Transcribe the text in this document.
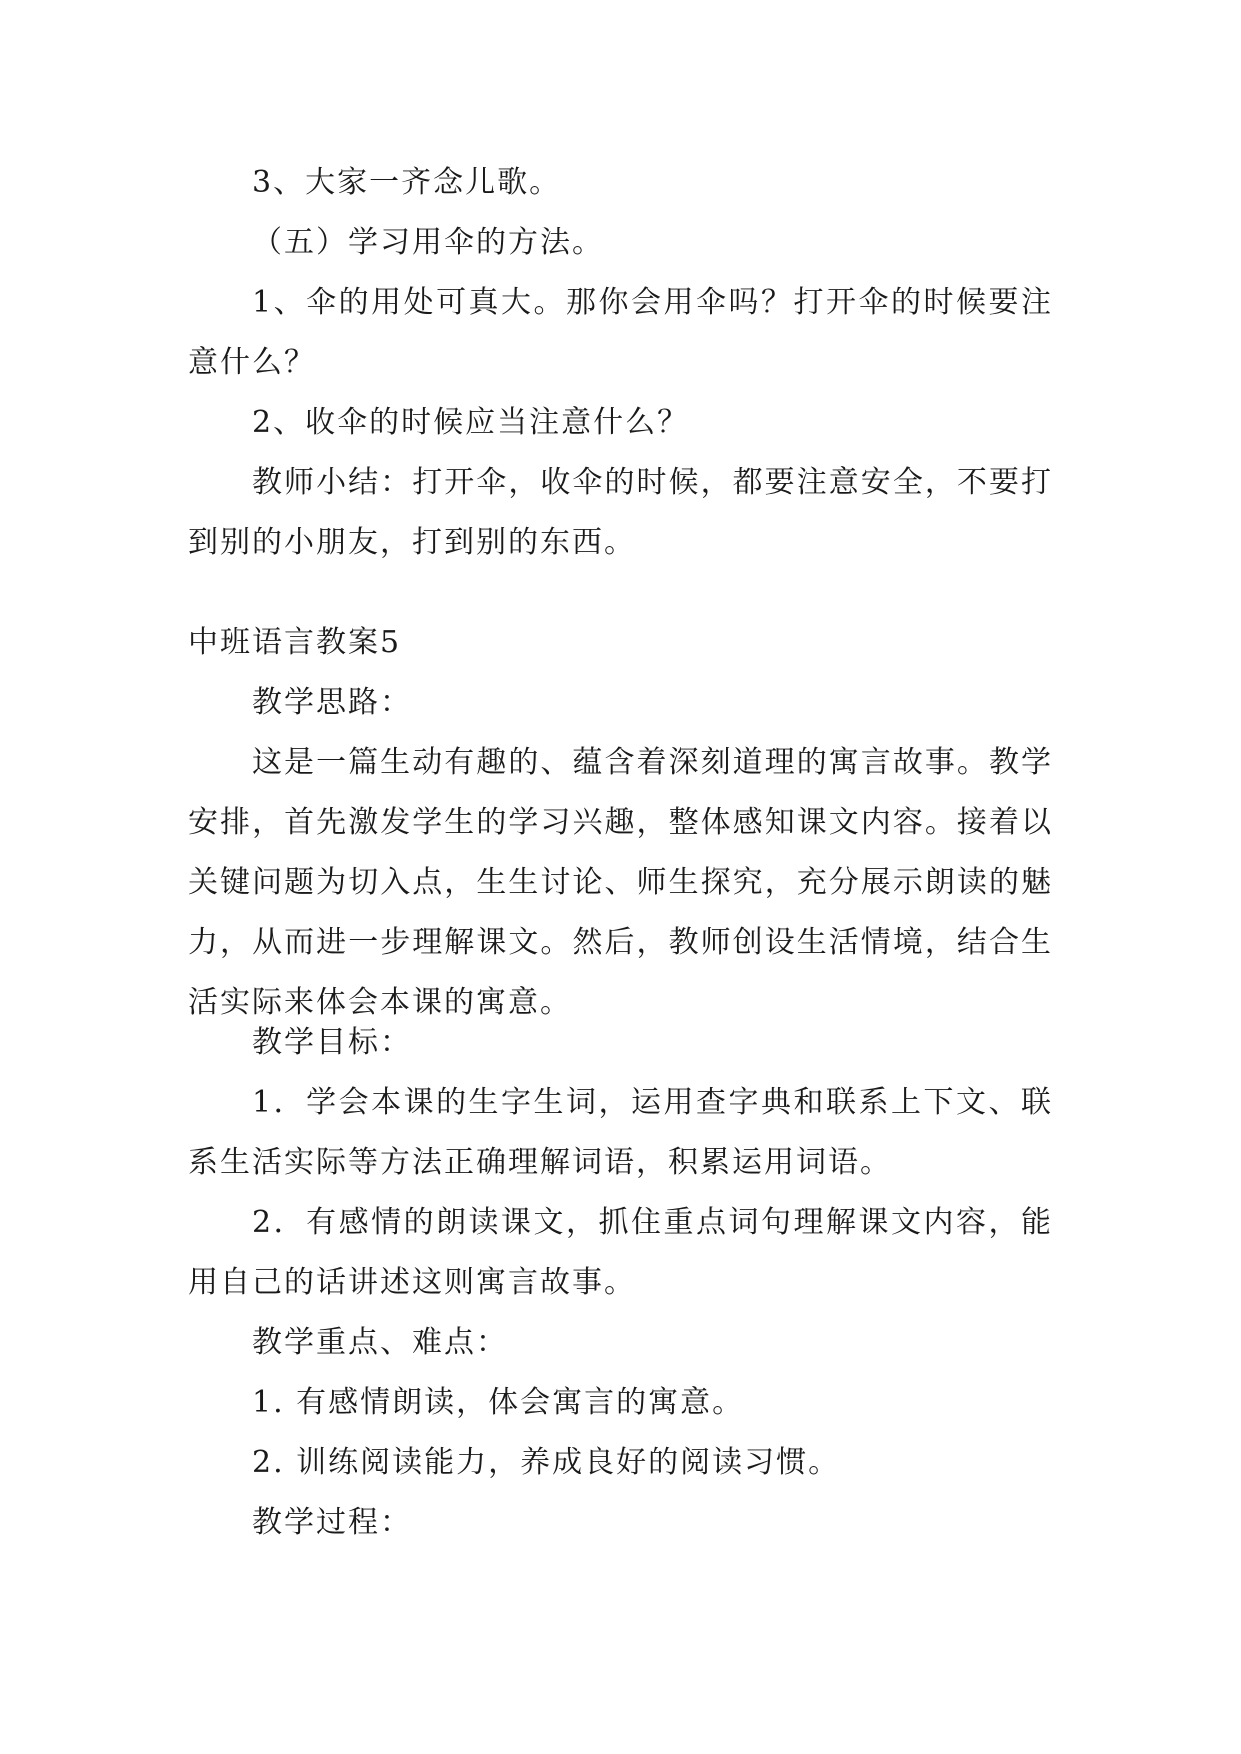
3、大家一齐念儿歌。

（五）学习用伞的方法。

1、伞的用处可真大。那你会用伞吗？打开伞的时候要注意什么？

2、收伞的时候应当注意什么？

教师小结：打开伞，收伞的时候，都要注意安全，不要打到别的小朋友，打到别的东西。

中班语言教案5

教学思路：

这是一篇生动有趣的、蕴含着深刻道理的寓言故事。教学安排，首先激发学生的学习兴趣，整体感知课文内容。接着以关键问题为切入点，生生讨论、师生探究，充分展示朗读的魅力，从而进一步理解课文。然后，教师创设生活情境，结合生活实际来体会本课的寓意。

教学目标：

1．学会本课的生字生词，运用查字典和联系上下文、联系生活实际等方法正确理解词语，积累运用词语。

2．有感情的朗读课文，抓住重点词句理解课文内容，能用自己的话讲述这则寓言故事。

教学重点、难点：

1. 有感情朗读，体会寓言的寓意。

2. 训练阅读能力，养成良好的阅读习惯。

教学过程：
